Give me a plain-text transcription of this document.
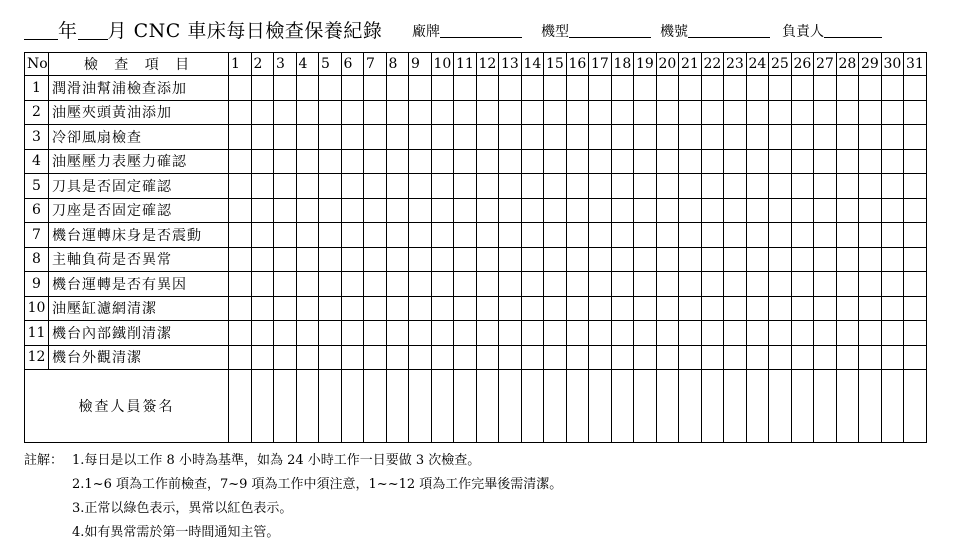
年 月 CNC 車床每日檢查保養紀錄 廠牌	機型	機號	負責人
No	檢 查 項 目	1	2	3	4	5	6	7	8	9	10	11	12	13	14	15	16	17	18	19	20	21	22	23	24	25	26	27	28	29	30	31
1	潤滑油幫浦檢查添加																															
2	油壓夾頭黃油添加																															
3	冷卻風扇檢查																															
4	油壓壓力表壓力確認																															
5	刀具是否固定確認																															
6	刀座是否固定確認																															
7	機台運轉床身是否震動																															
8	主軸負荷是否異常																															
9	機台運轉是否有異因																															
10	油壓缸濾網清潔																															
11	機台內部鐵削清潔																															
12	機台外觀清潔																															
檢查人員簽名																																
註解： 1.每日是以工作 8 小時為基準，如為 24 小時工作一日要做 3 次檢查。
2.1~6 項為工作前檢查，7~9 項為工作中須注意，1~~12 項為工作完畢後需清潔。
3.正常以綠色表示，異常以紅色表示。
4.如有異常需於第一時間通知主管。
